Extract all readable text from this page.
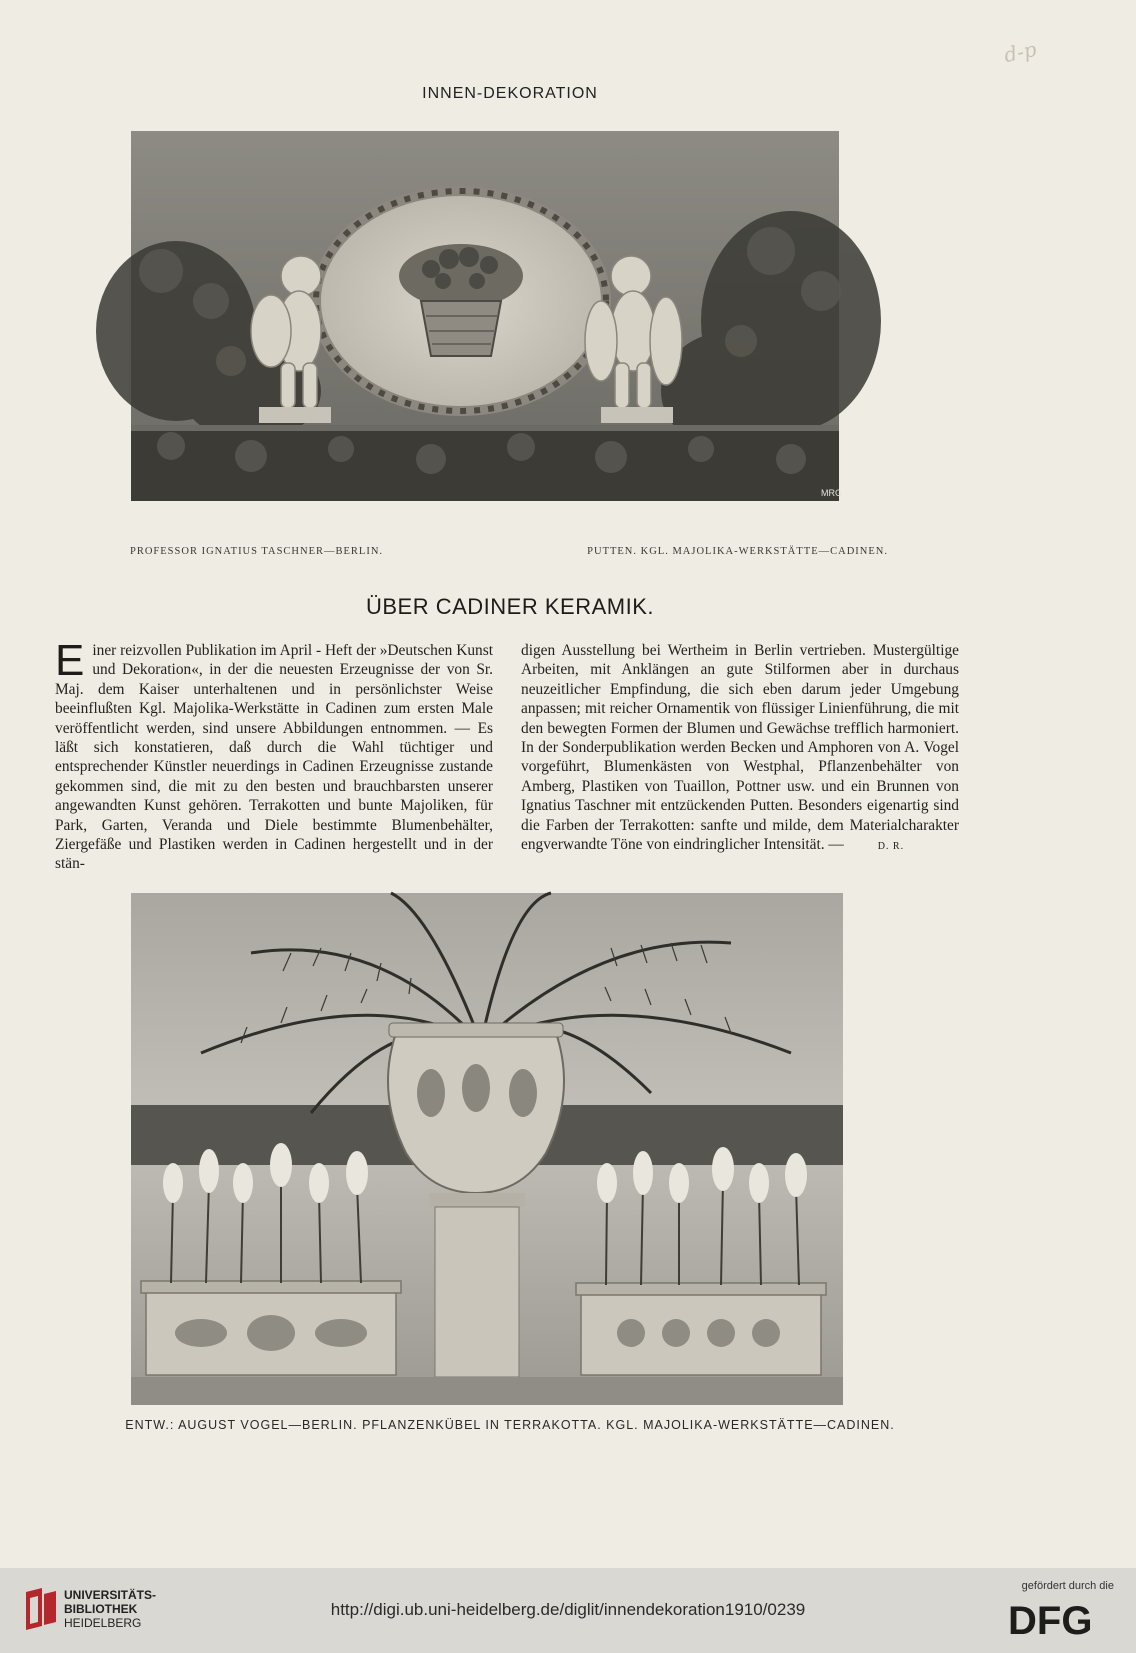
d-p
INNEN-DEKORATION
MRG
PROFESSOR IGNATIUS TASCHNER—BERLIN.	PUTTEN. KGL. MAJOLIKA-WERKSTÄTTE—CADINEN.
ÜBER CADINER KERAMIK.

Einer reizvollen Publikation im April - Heft der »Deutschen Kunst und Dekoration«, in der die neuesten Erzeugnisse der von Sr. Maj. dem Kaiser unterhaltenen und in persönlichster Weise beeinflußten Kgl. Majolika-Werkstätte in Cadinen zum ersten Male veröffentlicht werden, sind unsere Abbildungen entnommen. — Es läßt sich konstatieren, daß durch die Wahl tüchtiger und entsprechender Künstler neuerdings in Cadinen Erzeugnisse zustande gekommen sind, die mit zu den besten und brauchbarsten unserer angewandten Kunst gehören. Terrakotten und bunte Majoliken, für Park, Garten, Veranda und Diele bestimmte Blumenbehälter, Ziergefäße und Plastiken werden in Cadinen hergestellt und in der stän-

digen Ausstellung bei Wertheim in Berlin vertrieben. Mustergültige Arbeiten, mit Anklängen an gute Stilformen aber in durchaus neuzeitlicher Empfindung, die sich eben darum jeder Umgebung anpassen; mit reicher Ornamentik von flüssiger Linienführung, die mit den bewegten Formen der Blumen und Gewächse trefflich harmoniert. In der Sonderpublikation werden Becken und Amphoren von A. Vogel vorgeführt, Blumenkästen von Westphal, Pflanzenbehälter von Amberg, Plastiken von Tuaillon, Pottner usw. und ein Brunnen von Ignatius Taschner mit entzückenden Putten. Besonders eigenartig sind die Farben der Terrakotten: sanfte und milde, dem Materialcharakter engverwandte Töne von eindringlicher Intensität. —	D. R.

ENTW.: AUGUST VOGEL—BERLIN. PFLANZENKÜBEL IN TERRAKOTTA. KGL. MAJOLIKA-WERKSTÄTTE—CADINEN.
UNIVERSITÄTS-
BIBLIOTHEK
HEIDELBERG
http://digi.ub.uni-heidelberg.de/diglit/innendekoration1910/0239
gefördert durch die
DFG
